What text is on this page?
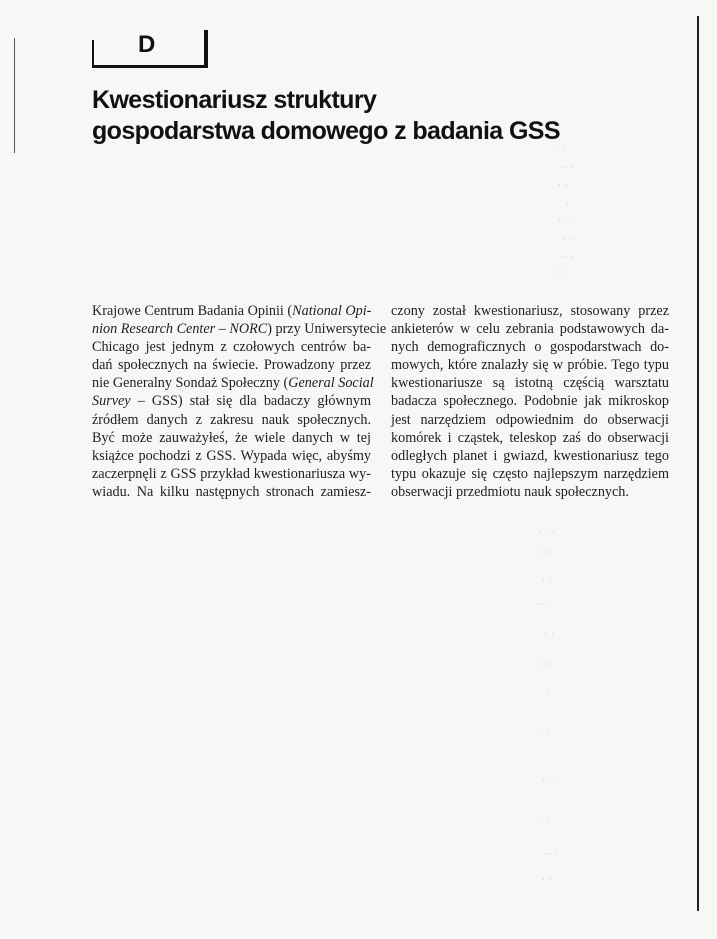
D
Kwestionariusz struktury
gospodarstwa domowego z badania GSS
Krajowe Centrum Badania Opinii (National Opi-
nion Research Center – NORC) przy Uniwersytecie
Chicago jest jednym z czołowych centrów ba-
dań społecznych na świecie. Prowadzony przez
nie Generalny Sondaż Społeczny (General Social
Survey – GSS) stał się dla badaczy głównym
źródłem danych z zakresu nauk społecznych.
Być może zauważyłeś, że wiele danych w tej
książce pochodzi z GSS. Wypada więc, abyśmy
zaczerpnęli z GSS przykład kwestionariusza wy-
wiadu. Na kilku następnych stronach zamiesz-
czony został kwestionariusz, stosowany przez
ankieterów w celu zebrania podstawowych da-
nych demograficznych o gospodarstwach do-
mowych, które znalazły się w próbie. Tego typu
kwestionariusze są istotną częścią warsztatu
badacza społecznego. Podobnie jak mikroskop
jest narzędziem odpowiednim do obserwacji
komórek i cząstek, teleskop zaś do obserwacji
odległych planet i gwiazd, kwestionariusz tego
typu okazuje się często najlepszym narzędziem
obserwacji przedmiotu nauk społecznych.
· ·
·· ·
· ·
·
·· ·
· ·
·· ·
· ·
· · ·
·· ·
· ·
·· ·
· ·
·· ·
·
· ·
·· ·
· ·
·· ·
· ·
